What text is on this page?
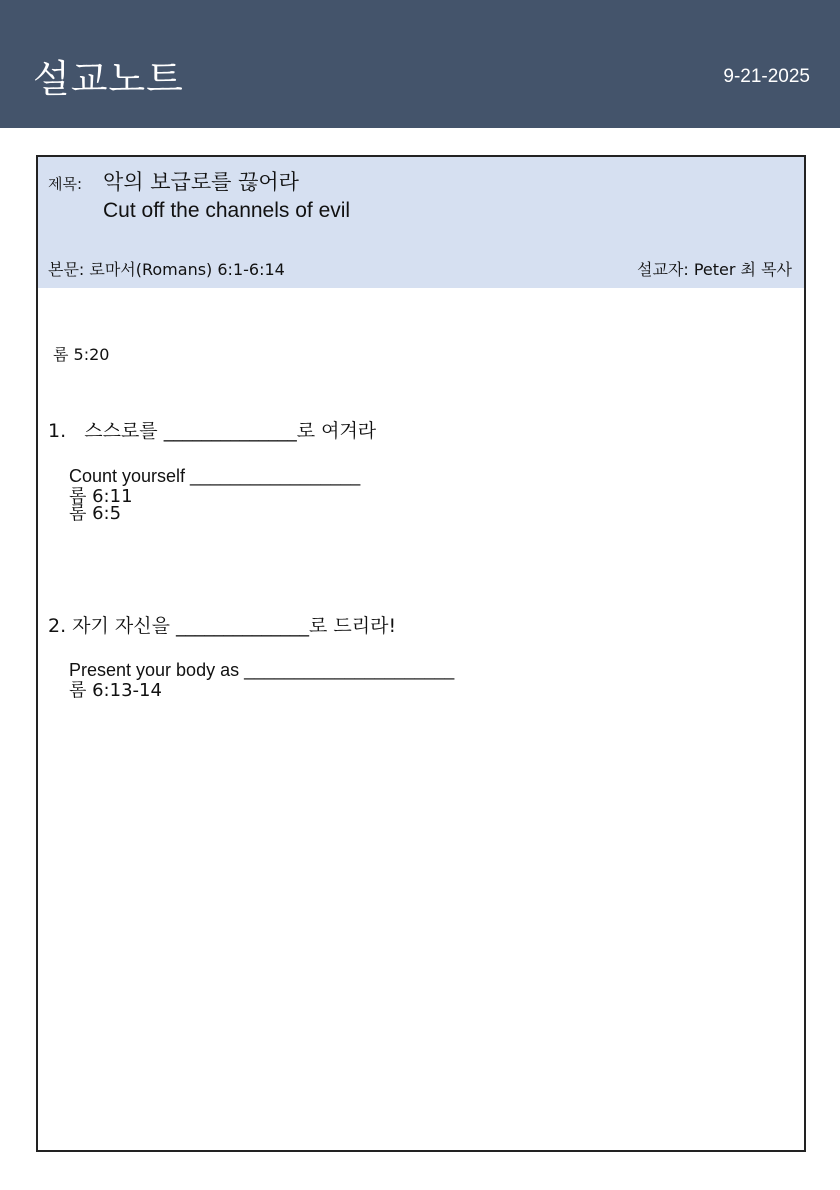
설교노트	9-21-2025
제목: 악의 보급로를 끊어라
Cut off the channels of evil
본문: 로마서(Romans) 6:1-6:14	설교자: Peter 최 목사
롬 5:20
1.   스스로를 ______________로 여겨라
Count yourself _________________
롬 6:11
롬 6:5
2. 자기 자신을 ______________로 드리라!
Present your body as _____________________
롬 6:13-14
